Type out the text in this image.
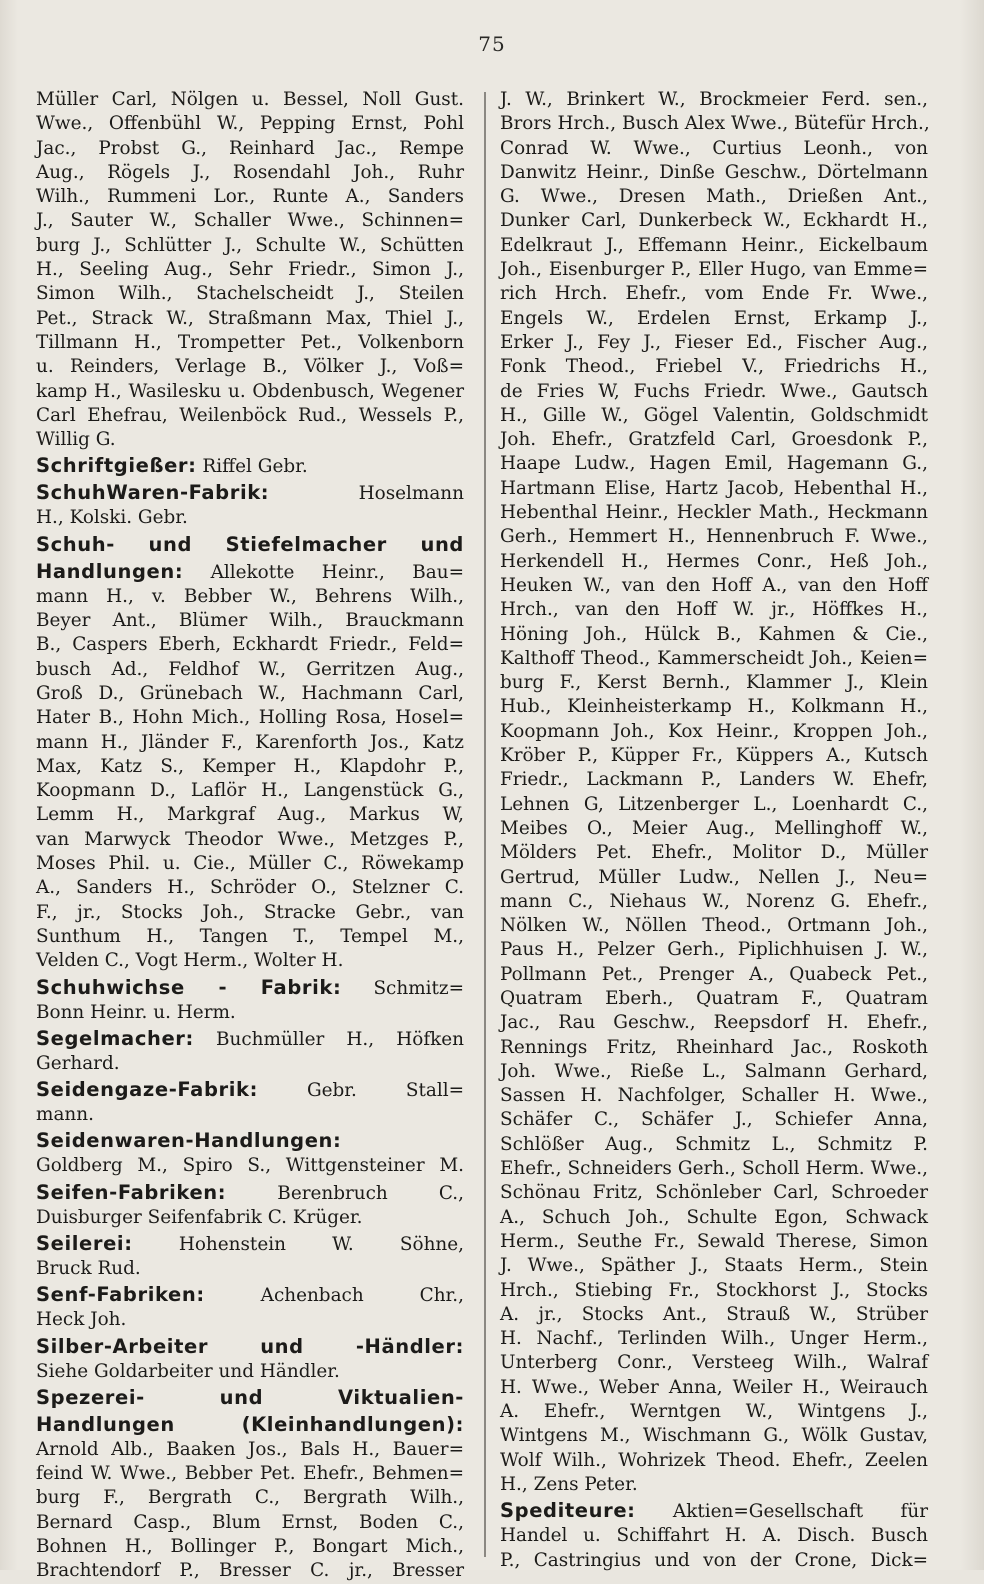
75
Müller Carl, Nölgen u. Bessel, Noll Gust.
Wwe., Offenbühl W., Pepping Ernst, Pohl
Jac., Probst G., Reinhard Jac., Rempe
Aug., Rögels J., Rosendahl Joh., Ruhr
Wilh., Rummeni Lor., Runte A., Sanders
J., Sauter W., Schaller Wwe., Schinnen=
burg J., Schlütter J., Schulte W., Schütten
H., Seeling Aug., Sehr Friedr., Simon J.,
Simon Wilh., Stachelscheidt J., Steilen
Pet., Strack W., Straßmann Max, Thiel J.,
Tillmann H., Trompetter Pet., Volkenborn
u. Reinders, Verlage B., Völker J., Voß=
kamp H., Wasilesku u. Obdenbusch, Wegener
Carl Ehefrau, Weilenböck Rud., Wessels P.,
Willig G.
Schriftgießer: Riffel Gebr.
SchuhWaren-Fabrik: Hoselmann
H., Kolski. Gebr.
Schuh- und Stiefelmacher und
Handlungen: Allekotte Heinr., Bau=
mann H., v. Bebber W., Behrens Wilh.,
Beyer Ant., Blümer Wilh., Brauckmann
B., Caspers Eberh, Eckhardt Friedr., Feld=
busch Ad., Feldhof W., Gerritzen Aug.,
Groß D., Grünebach W., Hachmann Carl,
Hater B., Hohn Mich., Holling Rosa, Hosel=
mann H., Jländer F., Karenforth Jos., Katz
Max, Katz S., Kemper H., Klapdohr P.,
Koopmann D., Laflör H., Langenstück G.,
Lemm H., Markgraf Aug., Markus W,
van Marwyck Theodor Wwe., Metzges P.,
Moses Phil. u. Cie., Müller C., Röwekamp
A., Sanders H., Schröder O., Stelzner C.
F., jr., Stocks Joh., Stracke Gebr., van
Sunthum H., Tangen T., Tempel M.,
Velden C., Vogt Herm., Wolter H.
Schuhwichse - Fabrik: Schmitz=
Bonn Heinr. u. Herm.
Segelmacher: Buchmüller H., Höfken
Gerhard.
Seidengaze-Fabrik: Gebr. Stall=
mann.
Seidenwaren-Handlungen:
Goldberg M., Spiro S., Wittgensteiner M.
Seifen-Fabriken: Berenbruch C.,
Duisburger Seifenfabrik C. Krüger.
Seilerei: Hohenstein W. Söhne,
Bruck Rud.
Senf-Fabriken: Achenbach Chr.,
Heck Joh.
Silber-Arbeiter und -Händler:
Siehe Goldarbeiter und Händler.
Spezerei- und Viktualien-
Handlungen (Kleinhandlungen):
Arnold Alb., Baaken Jos., Bals H., Bauer=
feind W. Wwe., Bebber Pet. Ehefr., Behmen=
burg F., Bergrath C., Bergrath Wilh.,
Bernard Casp., Blum Ernst, Boden C.,
Bohnen H., Bollinger P., Bongart Mich.,
Brachtendorf P., Bresser C. jr., Bresser
J. W., Brinkert W., Brockmeier Ferd. sen.,
Brors Hrch., Busch Alex Wwe., Bütefür Hrch.,
Conrad W. Wwe., Curtius Leonh., von
Danwitz Heinr., Dinße Geschw., Dörtelmann
G. Wwe., Dresen Math., Drießen Ant.,
Dunker Carl, Dunkerbeck W., Eckhardt H.,
Edelkraut J., Effemann Heinr., Eickelbaum
Joh., Eisenburger P., Eller Hugo, van Emme=
rich Hrch. Ehefr., vom Ende Fr. Wwe.,
Engels W., Erdelen Ernst, Erkamp J.,
Erker J., Fey J., Fieser Ed., Fischer Aug.,
Fonk Theod., Friebel V., Friedrichs H.,
de Fries W, Fuchs Friedr. Wwe., Gautsch
H., Gille W., Gögel Valentin, Goldschmidt
Joh. Ehefr., Gratzfeld Carl, Groesdonk P.,
Haape Ludw., Hagen Emil, Hagemann G.,
Hartmann Elise, Hartz Jacob, Hebenthal H.,
Hebenthal Heinr., Heckler Math., Heckmann
Gerh., Hemmert H., Hennenbruch F. Wwe.,
Herkendell H., Hermes Conr., Heß Joh.,
Heuken W., van den Hoff A., van den Hoff
Hrch., van den Hoff W. jr., Höffkes H.,
Höning Joh., Hülck B., Kahmen & Cie.,
Kalthoff Theod., Kammerscheidt Joh., Keien=
burg F., Kerst Bernh., Klammer J., Klein
Hub., Kleinheisterkamp H., Kolkmann H.,
Koopmann Joh., Kox Heinr., Kroppen Joh.,
Kröber P., Küpper Fr., Küppers A., Kutsch
Friedr., Lackmann P., Landers W. Ehefr,
Lehnen G, Litzenberger L., Loenhardt C.,
Meibes O., Meier Aug., Mellinghoff W.,
Mölders Pet. Ehefr., Molitor D., Müller
Gertrud, Müller Ludw., Nellen J., Neu=
mann C., Niehaus W., Norenz G. Ehefr.,
Nölken W., Nöllen Theod., Ortmann Joh.,
Paus H., Pelzer Gerh., Piplichhuisen J. W.,
Pollmann Pet., Prenger A., Quabeck Pet.,
Quatram Eberh., Quatram F., Quatram
Jac., Rau Geschw., Reepsdorf H. Ehefr.,
Rennings Fritz, Rheinhard Jac., Roskoth
Joh. Wwe., Rieße L., Salmann Gerhard,
Sassen H. Nachfolger, Schaller H. Wwe.,
Schäfer C., Schäfer J., Schiefer Anna,
Schlößer Aug., Schmitz L., Schmitz P.
Ehefr., Schneiders Gerh., Scholl Herm. Wwe.,
Schönau Fritz, Schönleber Carl, Schroeder
A., Schuch Joh., Schulte Egon, Schwack
Herm., Seuthe Fr., Sewald Therese, Simon
J. Wwe., Späther J., Staats Herm., Stein
Hrch., Stiebing Fr., Stockhorst J., Stocks
A. jr., Stocks Ant., Strauß W., Strüber
H. Nachf., Terlinden Wilh., Unger Herm.,
Unterberg Conr., Versteeg Wilh., Walraf
H. Wwe., Weber Anna, Weiler H., Weirauch
A. Ehefr., Werntgen W., Wintgens J.,
Wintgens M., Wischmann G., Wölk Gustav,
Wolf Wilh., Wohrizek Theod. Ehefr., Zeelen
H., Zens Peter.
Spediteure: Aktien=Gesellschaft für
Handel u. Schiffahrt H. A. Disch. Busch
P., Castringius und von der Crone, Dick=
